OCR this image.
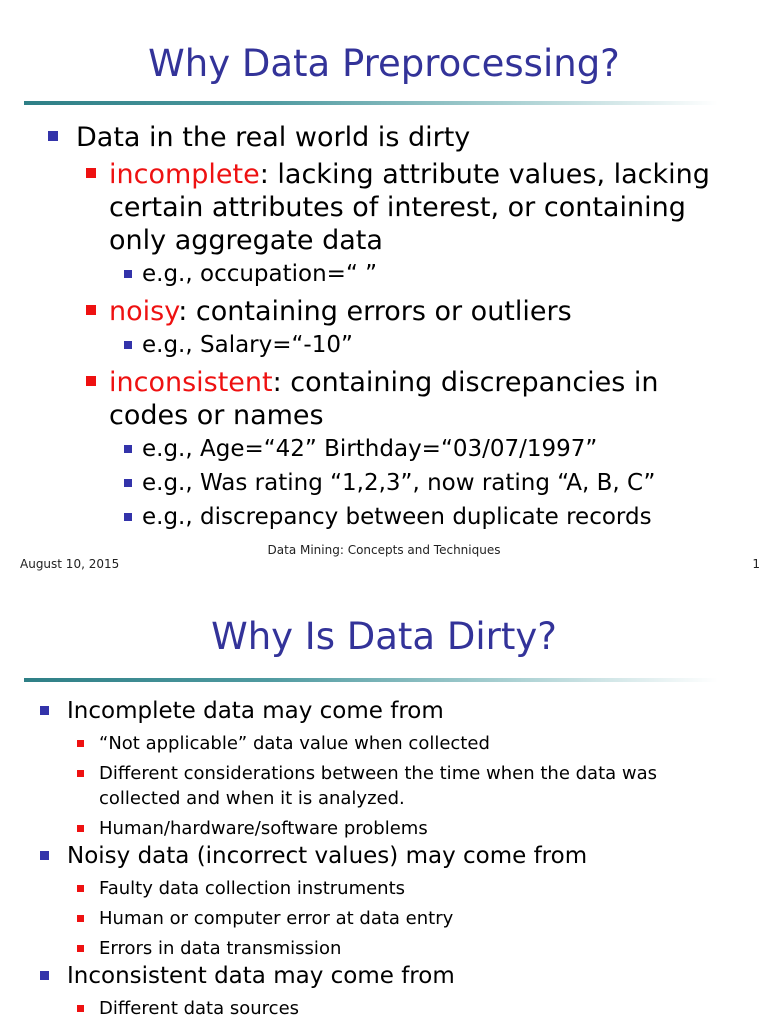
Why Data Preprocessing?
Data in the real world is dirty
incomplete: lacking attribute values, lacking certain attributes of interest, or containing only aggregate data
e.g., occupation=“ ”
noisy: containing errors or outliers
e.g., Salary=“-10”
inconsistent: containing discrepancies in codes or names
e.g., Age=“42” Birthday=“03/07/1997”
e.g., Was rating “1,2,3”, now rating “A, B, C”
e.g., discrepancy between duplicate records
August 10, 2015
Data Mining: Concepts and Techniques
1
Why Is Data Dirty?
Incomplete data may come from
“Not applicable” data value when collected
Different considerations between the time when the data was collected and when it is analyzed.
Human/hardware/software problems
Noisy data (incorrect values) may come from
Faulty data collection instruments
Human or computer error at data entry
Errors in data transmission
Inconsistent data may come from
Different data sources
